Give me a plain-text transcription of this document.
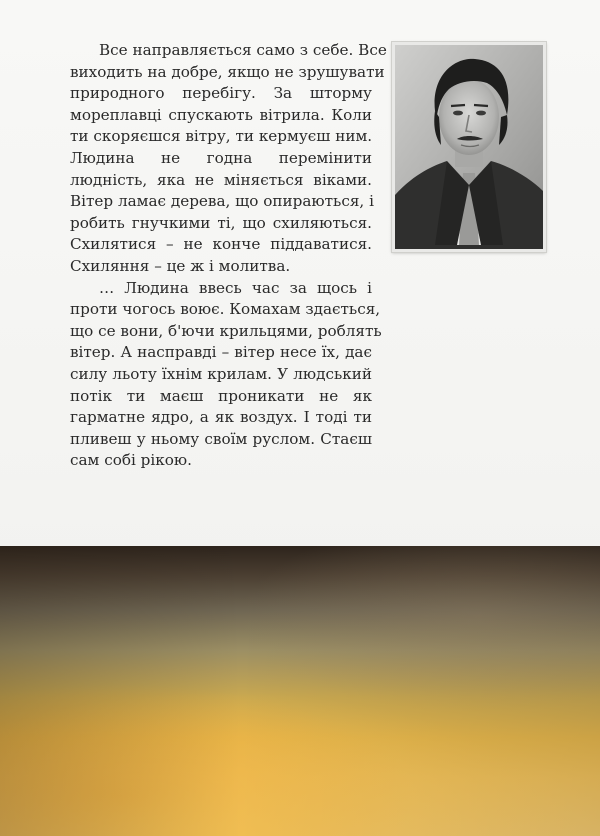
Все направляється само з себе. Все
виходить на добре, якщо не зрушувати
природного перебігу. За шторму
мореплавці спускають вітрила. Коли
ти скоряєшся вітру, ти кермуєш ним.
Людина не годна перемінити
людність, яка не міняється віками.
Вітер ламає дерева, що опираються, і
робить гнучкими ті, що схиляються.
Схилятися – не конче піддаватися.
Схиляння – це ж і молитва.

… Людина ввесь час за щось і
проти чогось воює. Комахам здається,
що се вони, б'ючи крильцями, роблять
вітер. А насправді – вітер несе їх, дає
силу льоту їхнім крилам. У людський
потік ти маєш проникати не як
гарматне ядро, а як воздух. І тоді ти
пливеш у ньому своїм руслом. Стаєш
сам собі рікою.
